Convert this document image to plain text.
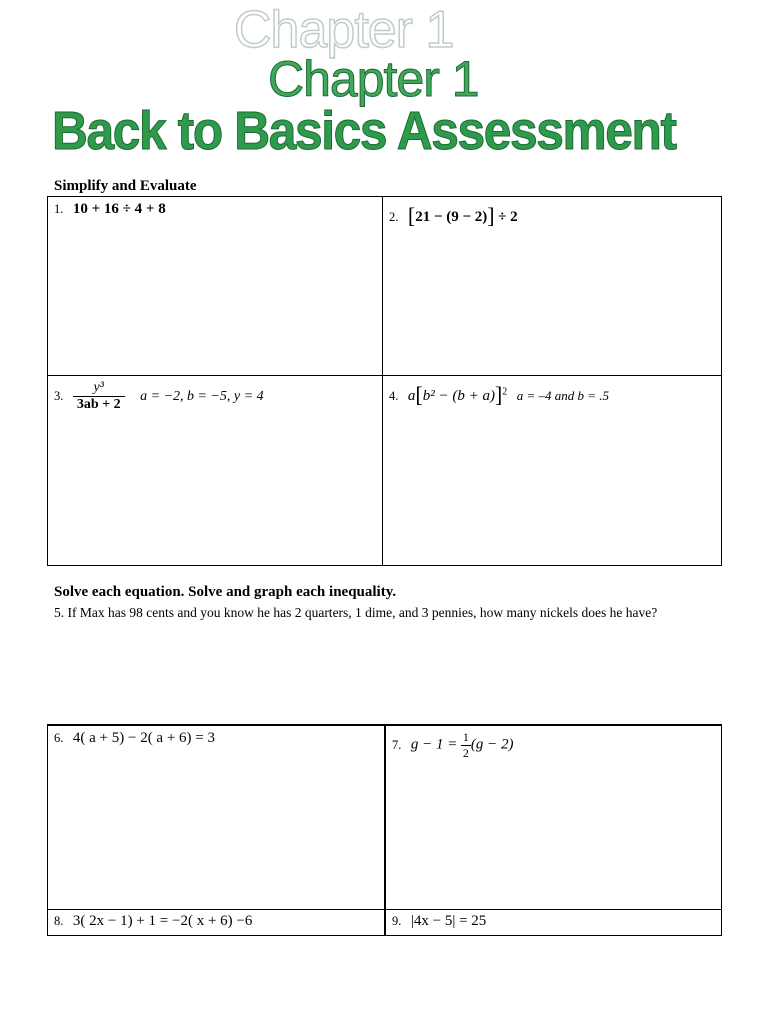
Chapter 1
Chapter 1
Back to Basics Assessment
Simplify and Evaluate
1. 10 + 16 ÷ 4 + 8	2. [21 − (9 − 2)] ÷ 2
3. $\frac{\text{y³}}{3ab + 2}$ a = −2, b = −5, y = 4	4. $a[b^2 - (b + a)]^2$ a = –4 and b = .5
Solve each equation. Solve and graph each inequality.
5. If Max has 98 cents and you know he has 2 quarters, 1 dime, and 3 pennies, how many nickels does he have?
6. 4( a + 5) − 2( a + 6) = 3	7. $g - 1 = \frac{1}{2} (g - 2)$
8. 3( 2x − 1) + 1 = −2( x + 6) −6	9. |4x − 5| = 25
